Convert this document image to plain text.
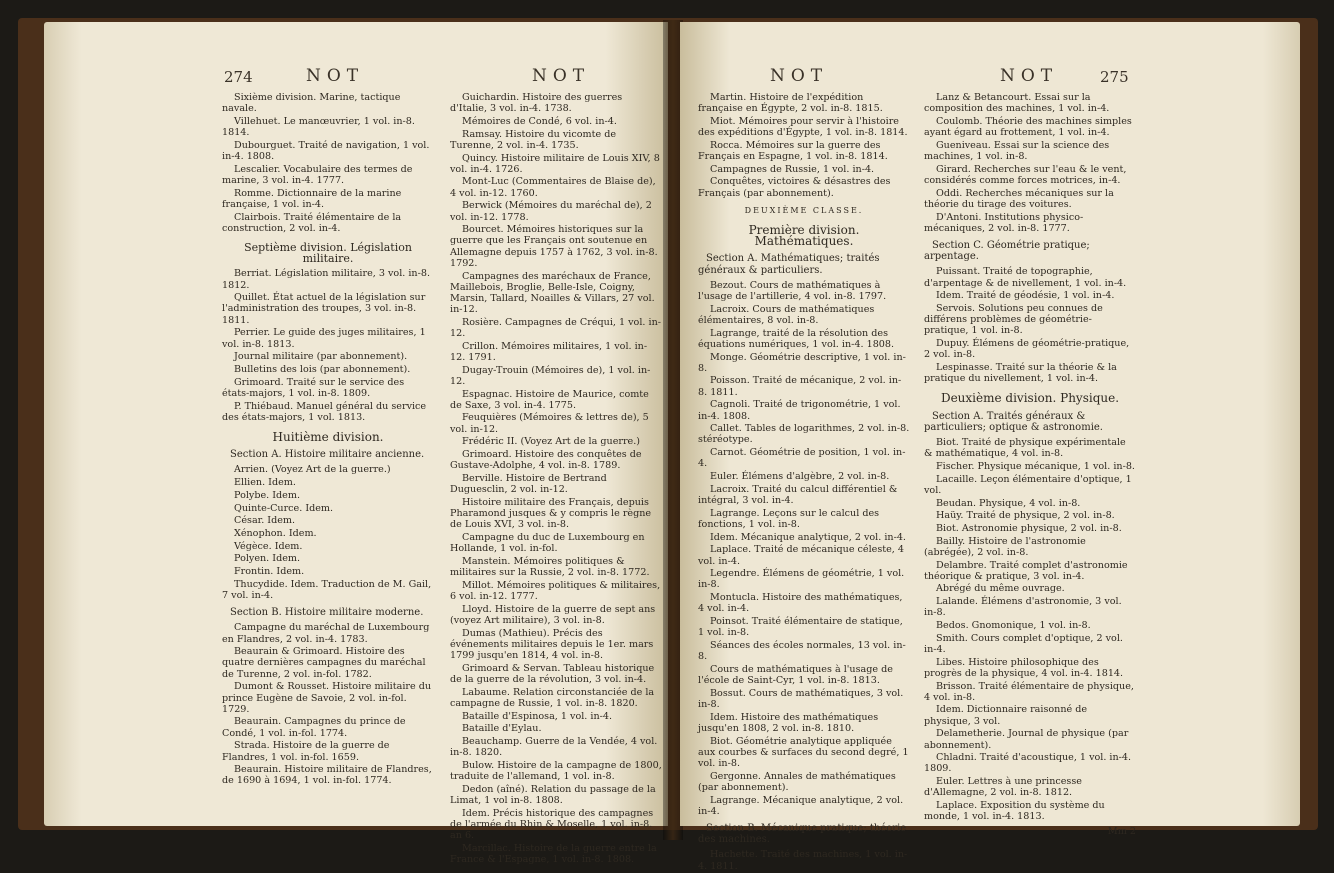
274	NOT	NOT

Sixième division. Marine, tactique navale.

Villehuet. Le manœuvrier, 1 vol. in-8. 1814.

Dubourguet. Traité de navigation, 1 vol. in-4. 1808.

Lescalier. Vocabulaire des termes de marine, 3 vol. in-4. 1777.

Romme. Dictionnaire de la marine française, 1 vol. in-4.

Clairbois. Traité élémentaire de la construction, 2 vol. in-4.

Septième division. Législation militaire.

Berriat. Législation militaire, 3 vol. in-8. 1812.

Quillet. État actuel de la législation sur l'administration des troupes, 3 vol. in-8. 1811.

Perrier. Le guide des juges militaires, 1 vol. in-8. 1813.

Journal militaire (par abonnement).

Bulletins des lois (par abonnement).

Grimoard. Traité sur le service des états-majors, 1 vol. in-8. 1809.

P. Thiébaud. Manuel général du service des états-majors, 1 vol. 1813.

Huitième division.

Section A. Histoire militaire ancienne.

Arrien. (Voyez Art de la guerre.)

Ellien. Idem.

Polybe. Idem.

Quinte-Curce. Idem.

César. Idem.

Xénophon. Idem.

Végèce. Idem.

Polyen. Idem.

Frontin. Idem.

Thucydide. Idem. Traduction de M. Gail, 7 vol. in-4.

Section B. Histoire militaire moderne.

Campagne du maréchal de Luxembourg en Flandres, 2 vol. in-4. 1783.

Beaurain & Grimoard. Histoire des quatre dernières campagnes du maréchal de Turenne, 2 vol. in-fol. 1782.

Dumont & Rousset. Histoire militaire du prince Eugène de Savoie, 2 vol. in-fol. 1729.

Beaurain. Campagnes du prince de Condé, 1 vol. in-fol. 1774.

Strada. Histoire de la guerre de Flandres, 1 vol. in-fol. 1659.

Beaurain. Histoire militaire de Flandres, de 1690 à 1694, 1 vol. in-fol. 1774.

Guichardin. Histoire des guerres d'Italie, 3 vol. in-4. 1738.

Mémoires de Condé, 6 vol. in-4.

Ramsay. Histoire du vicomte de Turenne, 2 vol. in-4. 1735.

Quincy. Histoire militaire de Louis XIV, 8 vol. in-4. 1726.

Mont-Luc (Commentaires de Blaise de), 4 vol. in-12. 1760.

Berwick (Mémoires du maréchal de), 2 vol. in-12. 1778.

Bourcet. Mémoires historiques sur la guerre que les Français ont soutenue en Allemagne depuis 1757 à 1762, 3 vol. in-8. 1792.

Campagnes des maréchaux de France, Maillebois, Broglie, Belle-Isle, Coigny, Marsin, Tallard, Noailles & Villars, 27 vol. in-12.

Rosière. Campagnes de Créqui, 1 vol. in-12.

Crillon. Mémoires militaires, 1 vol. in-12. 1791.

Dugay-Trouin (Mémoires de), 1 vol. in-12.

Espagnac. Histoire de Maurice, comte de Saxe, 3 vol. in-4. 1775.

Feuquières (Mémoires & lettres de), 5 vol. in-12.

Frédéric II. (Voyez Art de la guerre.)

Grimoard. Histoire des conquêtes de Gustave-Adolphe, 4 vol. in-8. 1789.

Berville. Histoire de Bertrand Duguesclin, 2 vol. in-12.

Histoire militaire des Français, depuis Pharamond jusques & y compris le règne de Louis XVI, 3 vol. in-8.

Campagne du duc de Luxembourg en Hollande, 1 vol. in-fol.

Manstein. Mémoires politiques & militaires sur la Russie, 2 vol. in-8. 1772.

Millot. Mémoires politiques & militaires, 6 vol. in-12. 1777.

Lloyd. Histoire de la guerre de sept ans (voyez Art militaire), 3 vol. in-8.

Dumas (Mathieu). Précis des événements militaires depuis le 1er. mars 1799 jusqu'en 1814, 4 vol. in-8.

Grimoard & Servan. Tableau historique de la guerre de la révolution, 3 vol. in-4.

Labaume. Relation circonstanciée de la campagne de Russie, 1 vol. in-8. 1820.

Bataille d'Espinosa, 1 vol. in-4.

Bataille d'Eylau.

Beauchamp. Guerre de la Vendée, 4 vol. in-8. 1820.

Bulow. Histoire de la campagne de 1800, traduite de l'allemand, 1 vol. in-8.

Dedon (aîné). Relation du passage de la Limat, 1 vol in-8. 1808.

Idem. Précis historique des campagnes de l'armée du Rhin & Moselle, 1 vol. in-8. an 6.

Marcillac. Histoire de la guerre entre la France & l'Espagne, 1 vol. in-8. 1808.

NOT	NOT	275

Martin. Histoire de l'expédition française en Égypte, 2 vol. in-8. 1815.

Miot. Mémoires pour servir à l'histoire des expéditions d'Égypte, 1 vol. in-8. 1814.

Rocca. Mémoires sur la guerre des Français en Espagne, 1 vol. in-8. 1814.

Campagnes de Russie, 1 vol. in-4.

Conquêtes, victoires & désastres des Français (par abonnement).

DEUXIÈME CLASSE.

Première division. Mathématiques.

Section A. Mathématiques; traités généraux & particuliers.

Bezout. Cours de mathématiques à l'usage de l'artillerie, 4 vol. in-8. 1797.

Lacroix. Cours de mathématiques élémentaires, 8 vol. in-8.

Lagrange, traité de la résolution des équations numériques, 1 vol. in-4. 1808.

Monge. Géométrie descriptive, 1 vol. in-8.

Poisson. Traité de mécanique, 2 vol. in-8. 1811.

Cagnoli. Traité de trigonométrie, 1 vol. in-4. 1808.

Callet. Tables de logarithmes, 2 vol. in-8. stéréotype.

Carnot. Géométrie de position, 1 vol. in-4.

Euler. Élémens d'algèbre, 2 vol. in-8.

Lacroix. Traité du calcul différentiel & intégral, 3 vol. in-4.

Lagrange. Leçons sur le calcul des fonctions, 1 vol. in-8.

Idem. Mécanique analytique, 2 vol. in-4.

Laplace. Traité de mécanique céleste, 4 vol. in-4.

Legendre. Élémens de géométrie, 1 vol. in-8.

Montucla. Histoire des mathématiques, 4 vol. in-4.

Poinsot. Traité élémentaire de statique, 1 vol. in-8.

Séances des écoles normales, 13 vol. in-8.

Cours de mathématiques à l'usage de l'école de Saint-Cyr, 1 vol. in-8. 1813.

Bossut. Cours de mathématiques, 3 vol. in-8.

Idem. Histoire des mathématiques jusqu'en 1808, 2 vol. in-8. 1810.

Biot. Géométrie analytique appliquée aux courbes & surfaces du second degré, 1 vol. in-8.

Gergonne. Annales de mathématiques (par abonnement).

Lagrange. Mécanique analytique, 2 vol. in-4.

Section B. Mécanique pratique; théorie des machines.

Hachette. Traité des machines, 1 vol. in-4. 1811.

Lanz & Betancourt. Essai sur la composition des machines, 1 vol. in-4.

Coulomb. Théorie des machines simples ayant égard au frottement, 1 vol. in-4.

Gueniveau. Essai sur la science des machines, 1 vol. in-8.

Girard. Recherches sur l'eau & le vent, considérés comme forces motrices, in-4.

Oddi. Recherches mécaniques sur la théorie du tirage des voitures.

D'Antoni. Institutions physico-mécaniques, 2 vol. in-8. 1777.

Section C. Géométrie pratique; arpentage.

Puissant. Traité de topographie, d'arpentage & de nivellement, 1 vol. in-4.

Idem. Traité de géodésie, 1 vol. in-4.

Servois. Solutions peu connues de différens problèmes de géométrie-pratique, 1 vol. in-8.

Dupuy. Élémens de géométrie-pratique, 2 vol. in-8.

Lespinasse. Traité sur la théorie & la pratique du nivellement, 1 vol. in-4.

Deuxième division. Physique.

Section A. Traités généraux & particuliers; optique & astronomie.

Biot. Traité de physique expérimentale & mathématique, 4 vol. in-8.

Fischer. Physique mécanique, 1 vol. in-8.

Lacaille. Leçon élémentaire d'optique, 1 vol.

Beudan. Physique, 4 vol. in-8.

Haüy. Traité de physique, 2 vol. in-8.

Biot. Astronomie physique, 2 vol. in-8.

Bailly. Histoire de l'astronomie (abrégée), 2 vol. in-8.

Delambre. Traité complet d'astronomie théorique & pratique, 3 vol. in-4.

Abrégé du même ouvrage.

Lalande. Élémens d'astronomie, 3 vol. in-8.

Bedos. Gnomonique, 1 vol. in-8.

Smith. Cours complet d'optique, 2 vol. in-4.

Libes. Histoire philosophique des progrès de la physique, 4 vol. in-4. 1814.

Brisson. Traité élémentaire de physique, 4 vol. in-8.

Idem. Dictionnaire raisonné de physique, 3 vol.

Delametherie. Journal de physique (par abonnement).

Chladni. Traité d'acoustique, 1 vol. in-4. 1809.

Euler. Lettres à une princesse d'Allemagne, 2 vol. in-8. 1812.

Laplace. Exposition du système du monde, 1 vol. in-4. 1813.

Mm 2
